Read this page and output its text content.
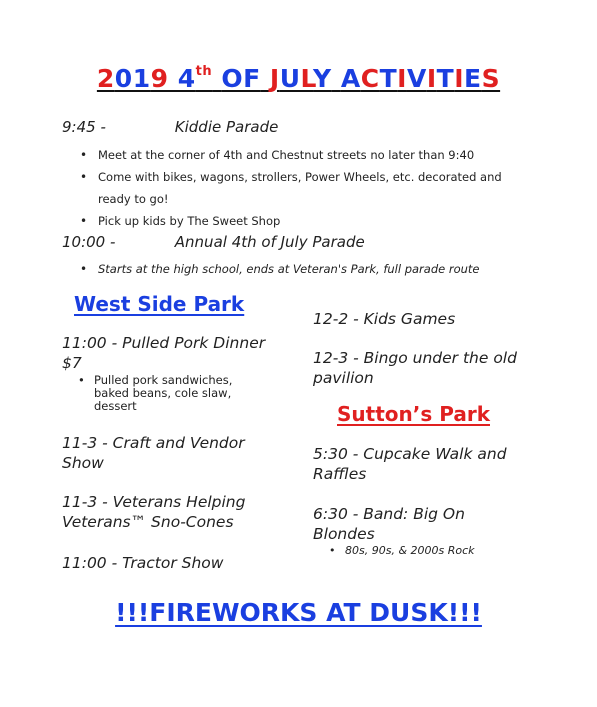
2019 4th OF JULY ACTIVITIES
9:45 -	Kiddie Parade
• Meet at the corner of 4th and Chestnut streets no later than 9:40
• Come with bikes, wagons, strollers, Power Wheels, etc. decorated and
ready to go!
• Pick up kids by The Sweet Shop
10:00 -	Annual 4th of July Parade
• Starts at the high school, ends at Veteran's Park, full parade route
West Side Park
11:00 - Pulled Pork Dinner
$7
• Pulled pork sandwiches,
baked beans, cole slaw,
dessert
11-3 - Craft and Vendor
Show
11-3 - Veterans Helping
Veterans™ Sno-Cones
11:00 - Tractor Show
12-2 - Kids Games
12-3 - Bingo under the old
pavilion
Sutton’s Park
5:30 - Cupcake Walk and
Raffles
6:30 - Band: Big On
Blondes
• 80s, 90s, & 2000s Rock
!!!FIREWORKS AT DUSK!!!
